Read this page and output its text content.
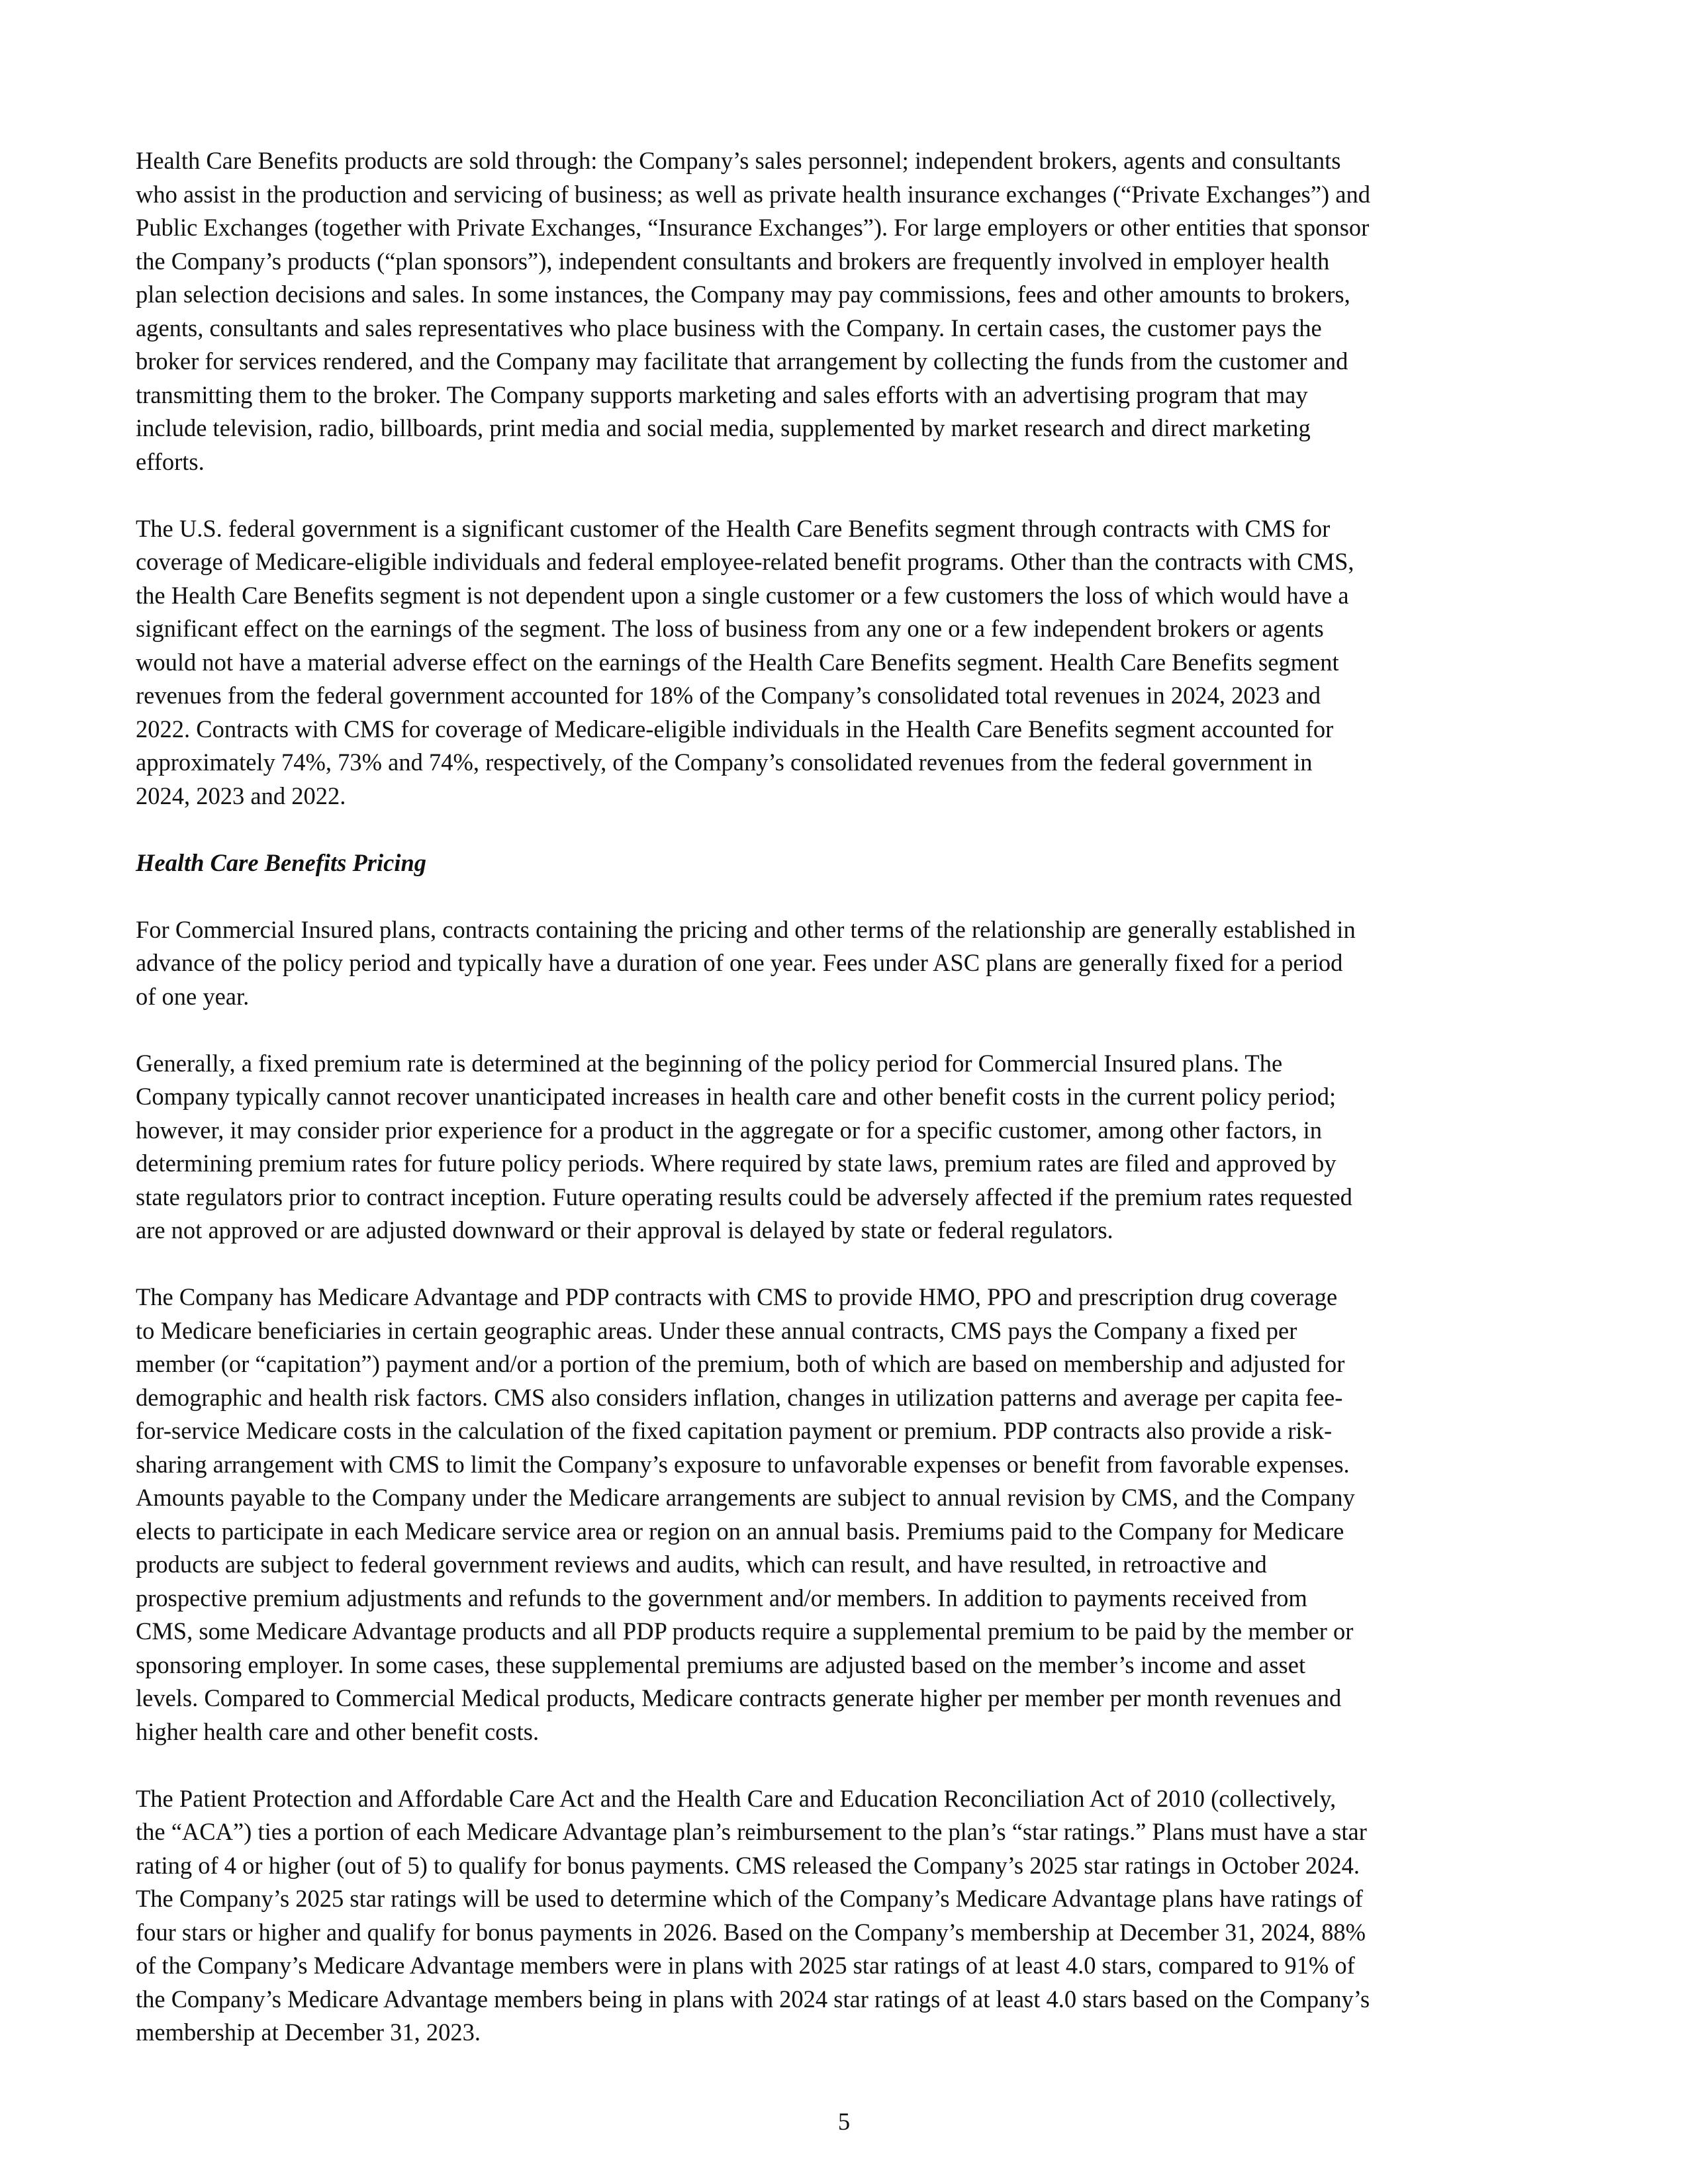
Health Care Benefits products are sold through: the Company’s sales personnel; independent brokers, agents and consultants
who assist in the production and servicing of business; as well as private health insurance exchanges (“Private Exchanges”) and
Public Exchanges (together with Private Exchanges, “Insurance Exchanges”). For large employers or other entities that sponsor
the Company’s products (“plan sponsors”), independent consultants and brokers are frequently involved in employer health
plan selection decisions and sales. In some instances, the Company may pay commissions, fees and other amounts to brokers,
agents, consultants and sales representatives who place business with the Company. In certain cases, the customer pays the
broker for services rendered, and the Company may facilitate that arrangement by collecting the funds from the customer and
transmitting them to the broker. The Company supports marketing and sales efforts with an advertising program that may
include television, radio, billboards, print media and social media, supplemented by market research and direct marketing
efforts.

The U.S. federal government is a significant customer of the Health Care Benefits segment through contracts with CMS for
coverage of Medicare-eligible individuals and federal employee-related benefit programs. Other than the contracts with CMS,
the Health Care Benefits segment is not dependent upon a single customer or a few customers the loss of which would have a
significant effect on the earnings of the segment. The loss of business from any one or a few independent brokers or agents
would not have a material adverse effect on the earnings of the Health Care Benefits segment. Health Care Benefits segment
revenues from the federal government accounted for 18% of the Company’s consolidated total revenues in 2024, 2023 and
2022. Contracts with CMS for coverage of Medicare-eligible individuals in the Health Care Benefits segment accounted for
approximately 74%, 73% and 74%, respectively, of the Company’s consolidated revenues from the federal government in
2024, 2023 and 2022.

Health Care Benefits Pricing

For Commercial Insured plans, contracts containing the pricing and other terms of the relationship are generally established in
advance of the policy period and typically have a duration of one year. Fees under ASC plans are generally fixed for a period
of one year.

Generally, a fixed premium rate is determined at the beginning of the policy period for Commercial Insured plans. The
Company typically cannot recover unanticipated increases in health care and other benefit costs in the current policy period;
however, it may consider prior experience for a product in the aggregate or for a specific customer, among other factors, in
determining premium rates for future policy periods. Where required by state laws, premium rates are filed and approved by
state regulators prior to contract inception. Future operating results could be adversely affected if the premium rates requested
are not approved or are adjusted downward or their approval is delayed by state or federal regulators.

The Company has Medicare Advantage and PDP contracts with CMS to provide HMO, PPO and prescription drug coverage
to Medicare beneficiaries in certain geographic areas. Under these annual contracts, CMS pays the Company a fixed per
member (or “capitation”) payment and/or a portion of the premium, both of which are based on membership and adjusted for
demographic and health risk factors. CMS also considers inflation, changes in utilization patterns and average per capita fee-
for-service Medicare costs in the calculation of the fixed capitation payment or premium. PDP contracts also provide a risk-
sharing arrangement with CMS to limit the Company’s exposure to unfavorable expenses or benefit from favorable expenses.
Amounts payable to the Company under the Medicare arrangements are subject to annual revision by CMS, and the Company
elects to participate in each Medicare service area or region on an annual basis. Premiums paid to the Company for Medicare
products are subject to federal government reviews and audits, which can result, and have resulted, in retroactive and
prospective premium adjustments and refunds to the government and/or members. In addition to payments received from
CMS, some Medicare Advantage products and all PDP products require a supplemental premium to be paid by the member or
sponsoring employer. In some cases, these supplemental premiums are adjusted based on the member’s income and asset
levels. Compared to Commercial Medical products, Medicare contracts generate higher per member per month revenues and
higher health care and other benefit costs.

The Patient Protection and Affordable Care Act and the Health Care and Education Reconciliation Act of 2010 (collectively,
the “ACA”) ties a portion of each Medicare Advantage plan’s reimbursement to the plan’s “star ratings.” Plans must have a star
rating of 4 or higher (out of 5) to qualify for bonus payments. CMS released the Company’s 2025 star ratings in October 2024.
The Company’s 2025 star ratings will be used to determine which of the Company’s Medicare Advantage plans have ratings of
four stars or higher and qualify for bonus payments in 2026. Based on the Company’s membership at December 31, 2024, 88%
of the Company’s Medicare Advantage members were in plans with 2025 star ratings of at least 4.0 stars, compared to 91% of
the Company’s Medicare Advantage members being in plans with 2024 star ratings of at least 4.0 stars based on the Company’s
membership at December 31, 2023.

5
